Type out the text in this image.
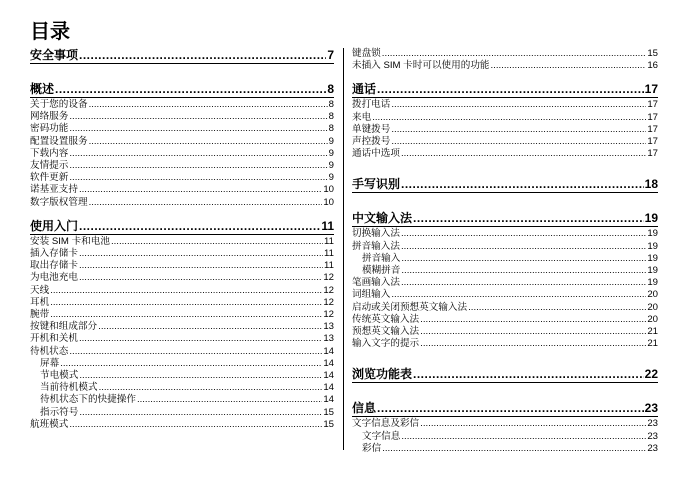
目录
安全事项 .....	7
概述 .....	8
关于您的设备 .....	8
网络服务 .....	8
密码功能 .....	8
配置设置服务 .....	9
下载内容 .....	9
友情提示 .....	9
软件更新 .....	9
诺基亚支持 .....	10
数字版权管理 .....	10
使用入门 .....	11
安装 SIM 卡和电池 .....	11
插入存储卡 .....	11
取出存储卡 .....	11
为电池充电 .....	12
天线 .....	12
耳机 .....	12
腕带 .....	12
按键和组成部分 .....	13
开机和关机 .....	13
待机状态 .....	14
屏幕 .....	14
节电模式 .....	14
当前待机模式 .....	14
待机状态下的快捷操作 .....	14
指示符号 .....	15
航班模式 .....	15
键盘锁 .....	15
未插入 SIM 卡时可以使用的功能 .....	16
通话 .....	17
拨打电话 .....	17
来电 .....	17
单键拨号 .....	17
声控拨号 .....	17
通话中选项 .....	17
手写识别 .....	18
中文输入法 .....	19
切换输入法 .....	19
拼音输入法 .....	19
拼音输入 .....	19
模糊拼音 .....	19
笔画输入法 .....	19
词组输入 .....	20
启动或关闭预想英文输入法 .....	20
传统英文输入法 .....	20
预想英文输入法 .....	21
输入文字的提示 .....	21
浏览功能表 .....	22
信息 .....	23
文字信息及彩信 .....	23
文字信息 .....	23
彩信 .....	23
